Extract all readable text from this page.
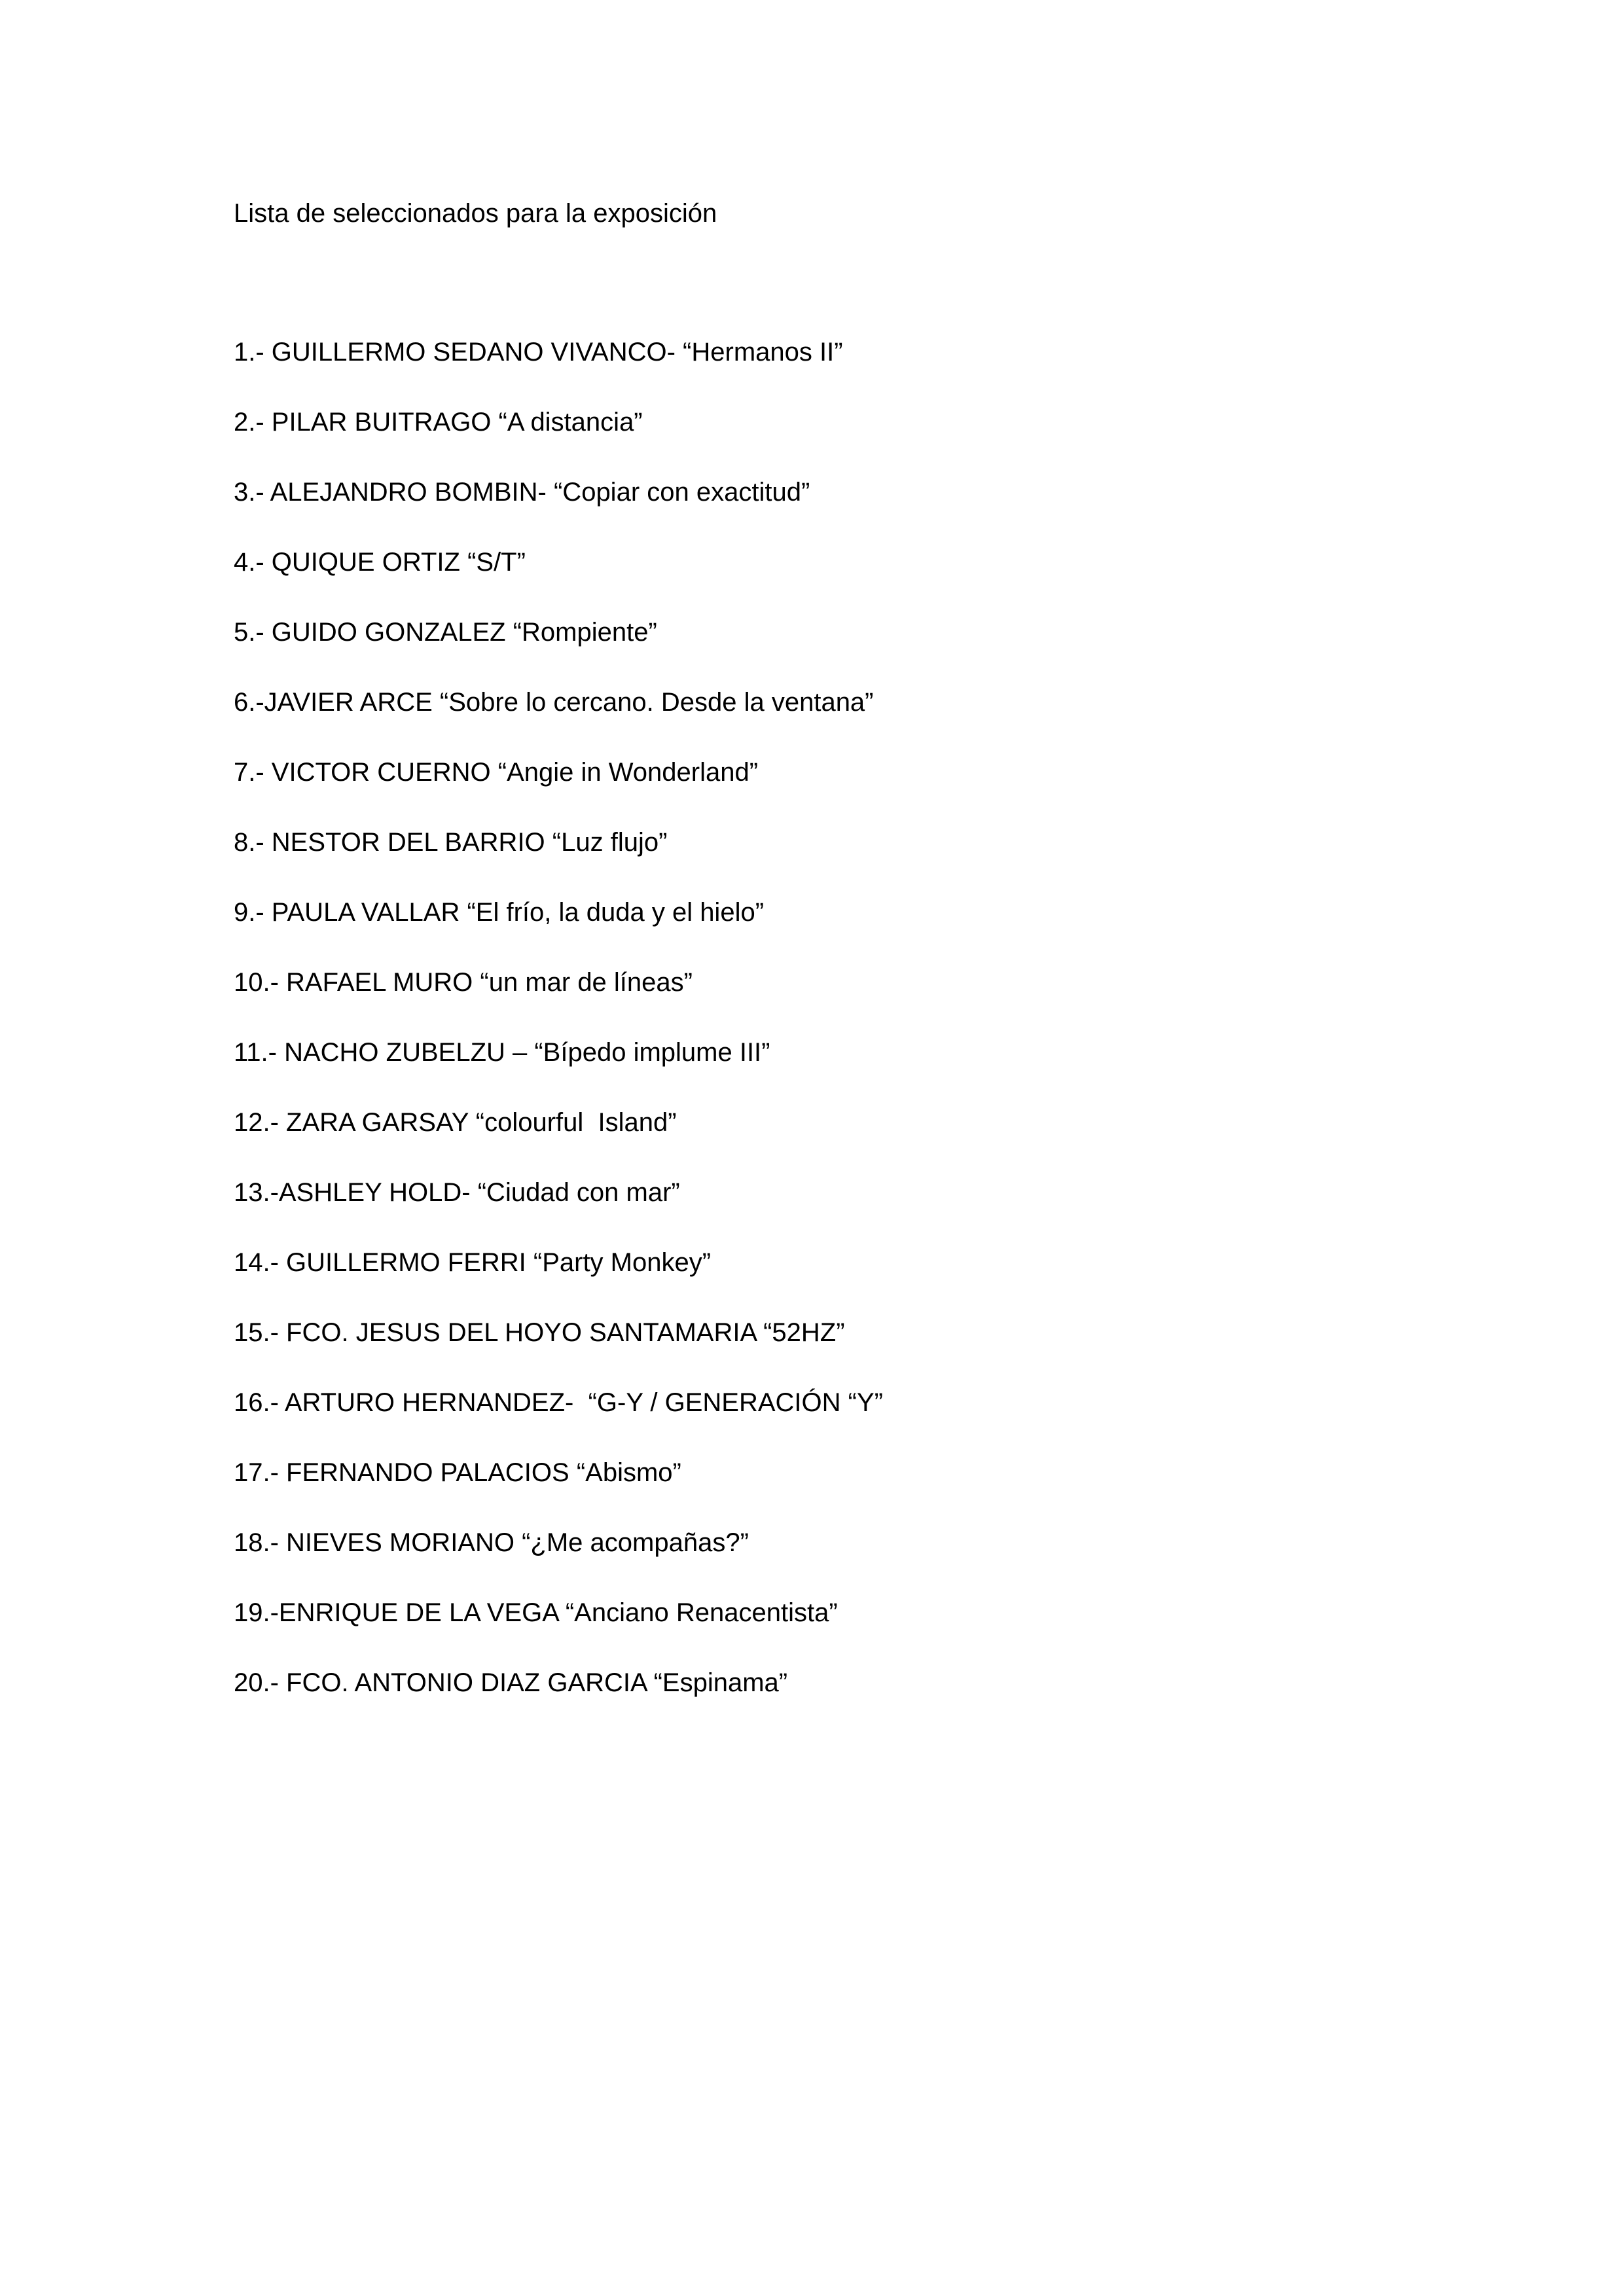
Lista de seleccionados para la exposición
1.- GUILLERMO SEDANO VIVANCO- “Hermanos II”
2.- PILAR BUITRAGO “A distancia”
3.- ALEJANDRO BOMBIN- “Copiar con exactitud”
4.- QUIQUE ORTIZ “S/T”
5.- GUIDO GONZALEZ “Rompiente”
6.-JAVIER ARCE “Sobre lo cercano. Desde la ventana”
7.- VICTOR CUERNO “Angie in Wonderland”
8.- NESTOR DEL BARRIO “Luz flujo”
9.- PAULA VALLAR “El frío, la duda y el hielo”
10.- RAFAEL MURO “un mar de líneas”
11.- NACHO ZUBELZU – “Bípedo implume III”
12.- ZARA GARSAY “colourful  Island”
13.-ASHLEY HOLD- “Ciudad con mar”
14.- GUILLERMO FERRI “Party Monkey”
15.- FCO. JESUS DEL HOYO SANTAMARIA “52HZ”
16.- ARTURO HERNANDEZ-  “G-Y / GENERACIÓN “Y”
17.- FERNANDO PALACIOS “Abismo”
18.- NIEVES MORIANO “¿Me acompañas?”
19.-ENRIQUE DE LA VEGA “Anciano Renacentista”
20.- FCO. ANTONIO DIAZ GARCIA “Espinama”
